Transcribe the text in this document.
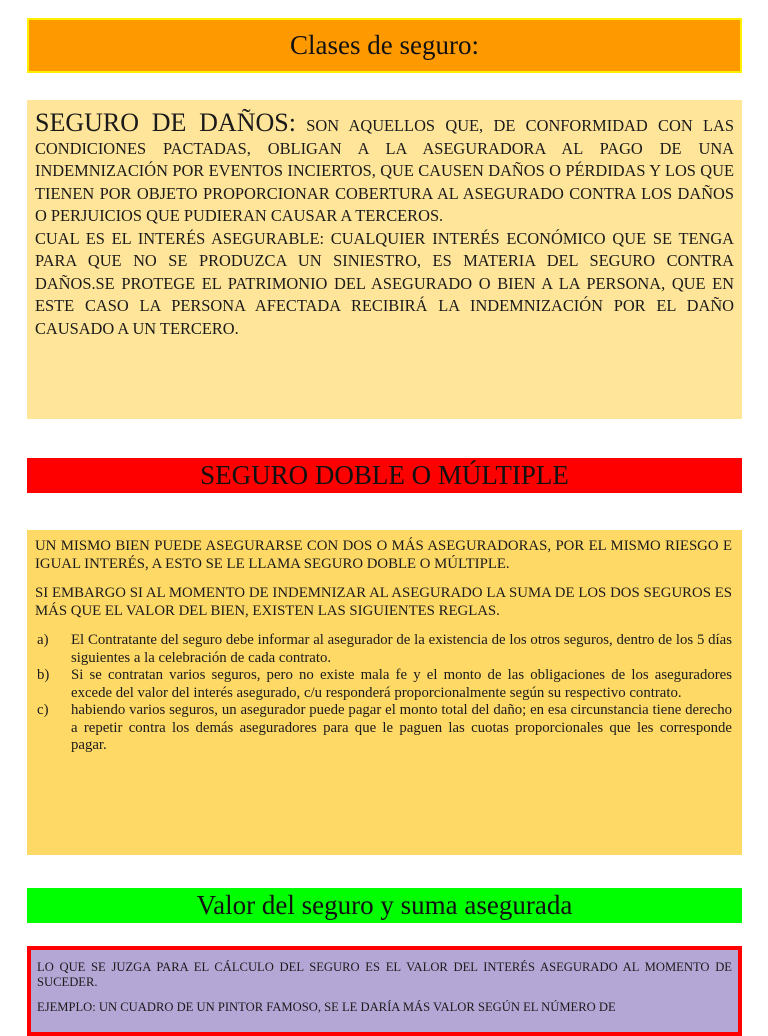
Clases de seguro:
SEGURO DE DAÑOS: SON AQUELLOS QUE, DE CONFORMIDAD CON LAS CONDICIONES PACTADAS, OBLIGAN A LA ASEGURADORA AL PAGO DE UNA INDEMNIZACIÓN POR EVENTOS INCIERTOS, QUE CAUSEN DAÑOS O PÉRDIDAS Y LOS QUE TIENEN POR OBJETO PROPORCIONAR COBERTURA AL ASEGURADO CONTRA LOS DAÑOS O PERJUICIOS QUE PUDIERAN CAUSAR A TERCEROS.
CUAL ES EL INTERÉS ASEGURABLE: CUALQUIER INTERÉS ECONÓMICO QUE SE TENGA PARA QUE NO SE PRODUZCA UN SINIESTRO, ES MATERIA DEL SEGURO CONTRA DAÑOS.SE PROTEGE EL PATRIMONIO DEL ASEGURADO O BIEN A LA PERSONA, QUE EN ESTE CASO LA PERSONA AFECTADA RECIBIRÁ LA INDEMNIZACIÓN POR EL DAÑO CAUSADO A UN TERCERO.
SEGURO DOBLE O MÚLTIPLE

UN MISMO BIEN PUEDE ASEGURARSE CON DOS O MÁS ASEGURADORAS, POR EL MISMO RIESGO E IGUAL INTERÉS, A ESTO SE LE LLAMA SEGURO DOBLE O MÚLTIPLE.

SI EMBARGO SI AL MOMENTO DE INDEMNIZAR AL ASEGURADO LA SUMA DE LOS DOS SEGUROS ES MÁS QUE EL VALOR DEL BIEN, EXISTEN LAS SIGUIENTES REGLAS.

a) El Contratante del seguro debe informar al asegurador de la existencia de los otros seguros, dentro de los 5 días siguientes a la celebración de cada contrato.
b) Si se contratan varios seguros, pero no existe mala fe y el monto de las obligaciones de los aseguradores excede del valor del interés asegurado, c/u responderá proporcionalmente según su respectivo contrato.
c) habiendo varios seguros, un asegurador puede pagar el monto total del daño; en esa circunstancia tiene derecho a repetir contra los demás aseguradores para que le paguen las cuotas proporcionales que les corresponde pagar.
Valor del seguro y suma asegurada

LO QUE SE JUZGA PARA EL CÁLCULO DEL SEGURO ES EL VALOR DEL INTERÉS ASEGURADO AL MOMENTO DE SUCEDER.

EJEMPLO: UN CUADRO DE UN PINTOR FAMOSO, SE LE DARÍA MÁS VALOR SEGÚN EL NÚMERO DE
